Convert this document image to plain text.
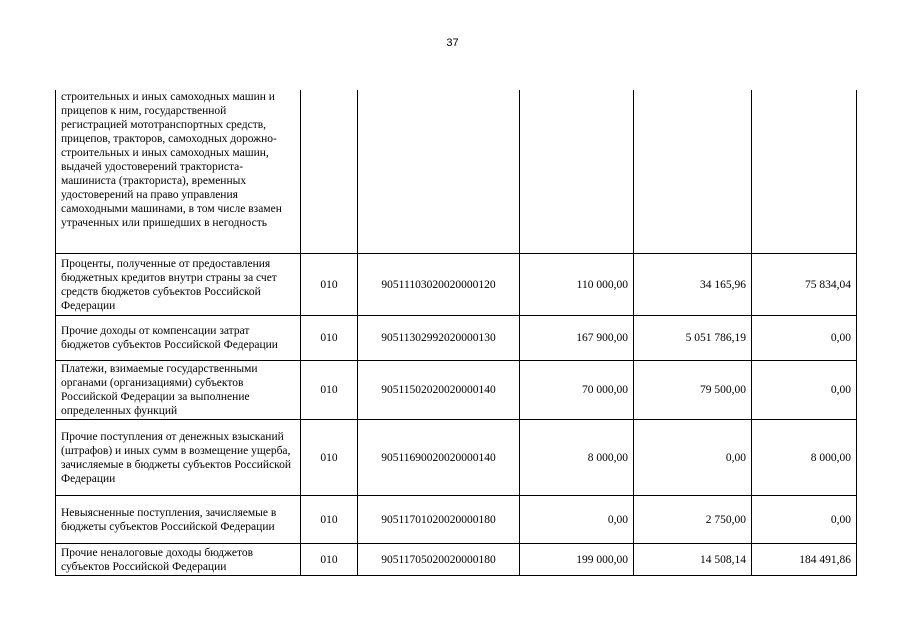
37
строительных и иных самоходных машин и прицепов к ним, государственной регистрацией мототранспортных средств, прицепов, тракторов, самоходных дорожно-строительных и иных самоходных машин, выдачей удостоверений тракториста-машиниста (тракториста), временных удостоверений на право управления самоходными машинами, в том числе взамен утраченных или пришедших в негодность					
Проценты, полученные от предоставления бюджетных кредитов внутри страны за счет средств бюджетов субъектов Российской Федерации	010	90511103020020000120	110 000,00	34 165,96	75 834,04
Прочие доходы от компенсации затрат бюджетов субъектов Российской Федерации	010	90511302992020000130	167 900,00	5 051 786,19	0,00
Платежи, взимаемые государственными органами (организациями) субъектов Российской Федерации за выполнение определенных функций	010	90511502020020000140	70 000,00	79 500,00	0,00
Прочие поступления от денежных взысканий (штрафов) и иных сумм в возмещение ущерба, зачисляемые в бюджеты субъектов Российской Федерации	010	90511690020020000140	8 000,00	0,00	8 000,00
Невыясненные поступления, зачисляемые в бюджеты субъектов Российской Федерации	010	90511701020020000180	0,00	2 750,00	0,00
Прочие неналоговые доходы бюджетов субъектов Российской Федерации	010	90511705020020000180	199 000,00	14 508,14	184 491,86
